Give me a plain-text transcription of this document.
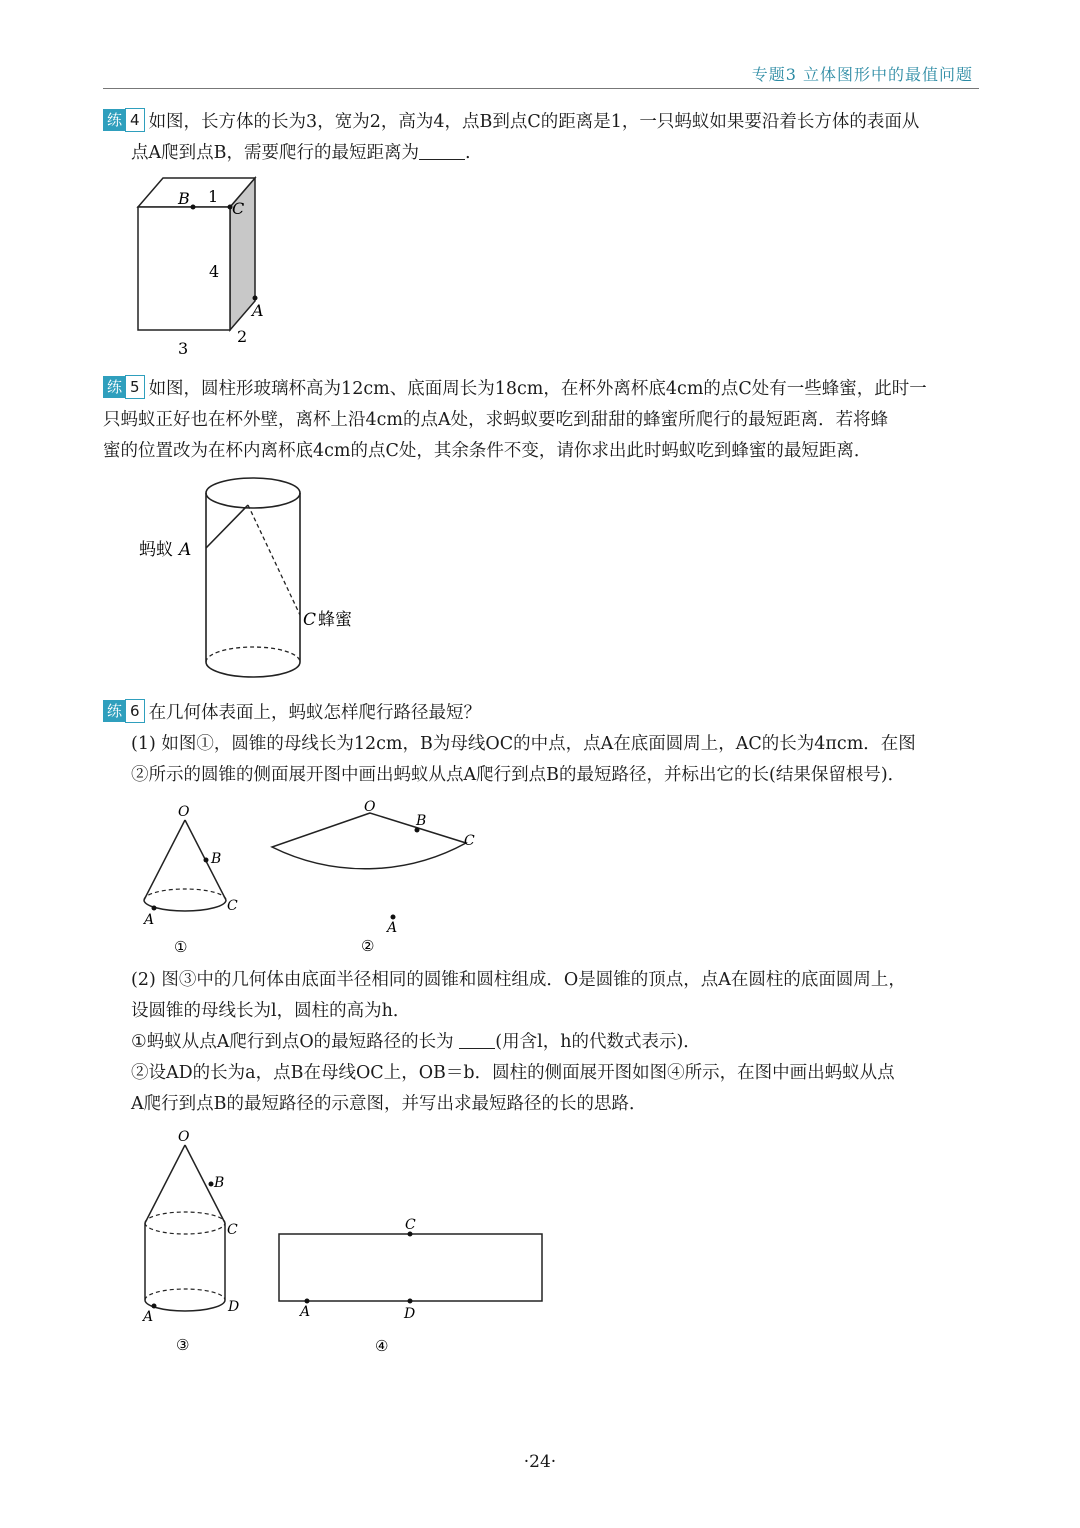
专题3 立体图形中的最值问题
练 4 如图，长方体的长为3，宽为2，高为4，点B到点C的距离是1，一只蚂蚁如果要沿着长方体的表面从
点A爬到点B，需要爬行的最短距离为	.
B 1
C
4
A
3
2
练 5 如图，圆柱形玻璃杯高为12cm、底面周长为18cm，在杯外离杯底4cm的点C处有一些蜂蜜，此时一
只蚂蚁正好也在杯外壁，离杯上沿4cm的点A处，求蚂蚁要吃到甜甜的蜂蜜所爬行的最短距离．若将蜂
蜜的位置改为在杯内离杯底4cm的点C处，其余条件不变，请你求出此时蚂蚁吃到蜂蜜的最短距离．
蚂蚁 A
C 蜂蜜
练 6 在几何体表面上，蚂蚁怎样爬行路径最短？
(1) 如图①，圆锥的母线长为12cm，B为母线OC的中点，点A在底面圆周上，AC的长为4πcm．在图
②所示的圆锥的侧面展开图中画出蚂蚁从点A爬行到点B的最短路径，并标出它的长(结果保留根号)．
O
B
C
A
①
O
B
C
A
②
(2) 图③中的几何体由底面半径相同的圆锥和圆柱组成．O是圆锥的顶点，点A在圆柱的底面圆周上，
设圆锥的母线长为l，圆柱的高为h．
①蚂蚁从点A爬行到点O的最短路径的长为 (用含l，h的代数式表示)．
②设AD的长为a，点B在母线OC上，OB＝b．圆柱的侧面展开图如图④所示，在图中画出蚂蚁从点
A爬行到点B的最短路径的示意图，并写出求最短路径的长的思路．
O
B
C
A
D
③
C
A	D
④
·24·
